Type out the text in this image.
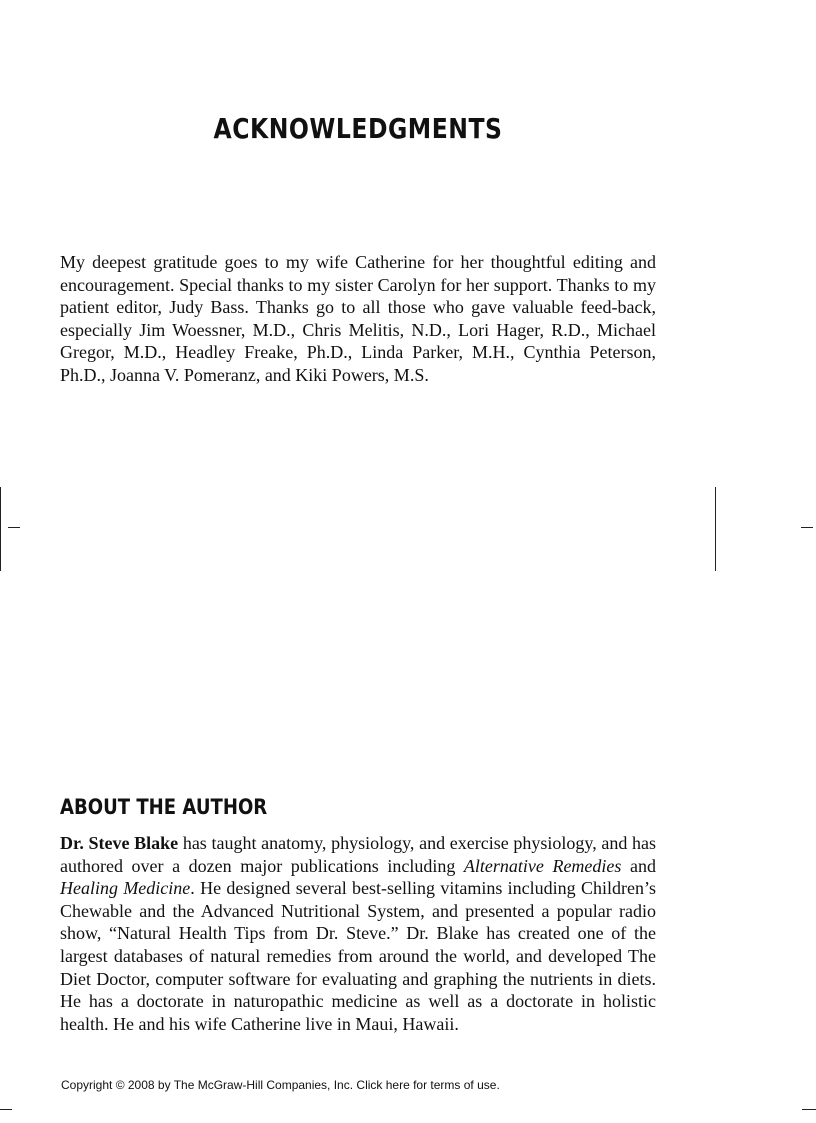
ACKNOWLEDGMENTS

My deepest gratitude goes to my wife Catherine for her thoughtful editing and encouragement. Special thanks to my sister Carolyn for her support. Thanks to my patient editor, Judy Bass. Thanks go to all those who gave valuable feed-back, especially Jim Woessner, M.D., Chris Melitis, N.D., Lori Hager, R.D., Michael Gregor, M.D., Headley Freake, Ph.D., Linda Parker, M.H., Cynthia Peterson, Ph.D., Joanna V. Pomeranz, and Kiki Powers, M.S.

ABOUT THE AUTHOR

Dr. Steve Blake has taught anatomy, physiology, and exercise physiology, and has authored over a dozen major publications including Alternative Remedies and Healing Medicine. He designed several best-selling vitamins including Children’s Chewable and the Advanced Nutritional System, and presented a popular radio show, “Natural Health Tips from Dr. Steve.” Dr. Blake has created one of the largest databases of natural remedies from around the world, and developed The Diet Doctor, computer software for evaluating and graphing the nutrients in diets. He has a doctorate in naturopathic medicine as well as a doctorate in holistic health. He and his wife Catherine live in Maui, Hawaii.

Copyright © 2008 by The McGraw-Hill Companies, Inc. Click here for terms of use.
